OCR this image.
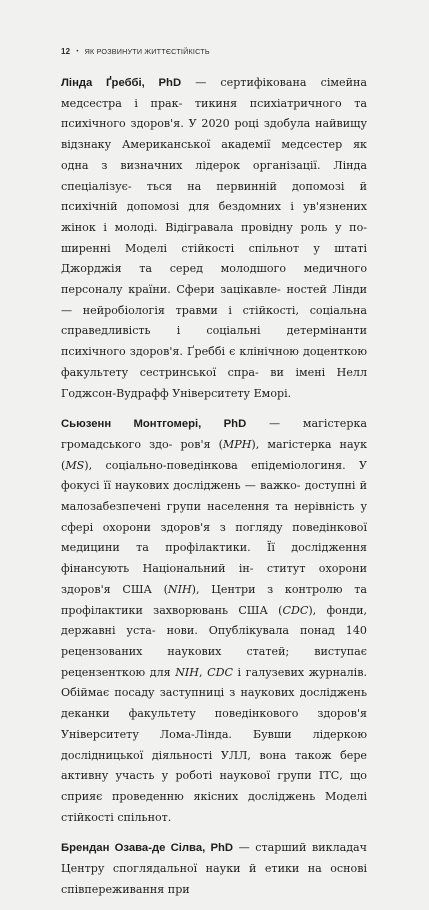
12 • ЯК РОЗВИНУТИ ЖИТТЄСТІЙКІСТЬ

Лінда Ґреббі, PhD — сертифікована сімейна медсестра і прак- тикиня психіатричного та психічного здоров'я. У 2020 році здобула найвищу відзнаку Американської академії медсестер як одна з визначних лідерок організації. Лінда спеціалізує- ться на первинній допомозі й психічній допомозі для бездомних і ув'язнених жінок і молоді. Відігравала провідну роль у по- ширенні Моделі стійкості спільнот у штаті Джорджія та серед молодшого медичного персоналу країни. Сфери зацікавле- ностей Лінди — нейробіологія травми і стійкості, соціальна справедливість і соціальні детермінанти психічного здоров'я. Ґреббі є клінічною доценткою факультету сестринської спра- ви імені Нелл Годжсон-Вудрафф Університету Еморі.

Сьюзенн Монтгомері, PhD — магістерка громадського здо- ров'я (MPH), магістерка наук (MS), соціально-поведінкова епідеміологиня. У фокусі її наукових досліджень — важко- доступні й малозабезпечені групи населення та нерівність у сфері охорони здоров'я з погляду поведінкової медицини та профілактики. Її дослідження фінансують Національний ін- ститут охорони здоров'я США (NIH), Центри з контролю та профілактики захворювань США (CDC), фонди, державні уста- нови. Опублікувала понад 140 рецензованих наукових статей; виступає рецензенткою для NIH, CDC і галузевих журналів. Обіймає посаду заступниці з наукових досліджень деканки факультету поведінкового здоров'я Університету Лома-Лінда. Бувши лідеркою дослідницької діяльності УЛЛ, вона також бере активну участь у роботі наукової групи ІТС, що сприяє проведенню якісних досліджень Моделі стійкості спільнот.

Брендан Озава-де Сілва, PhD — старший викладач Центру споглядальної науки й етики на основі співпереживання при
